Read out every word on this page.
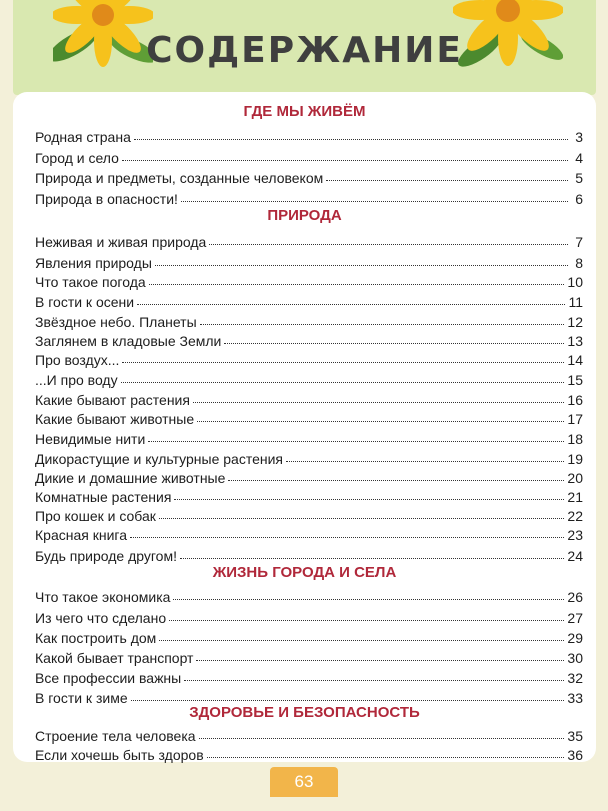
СОДЕРЖАНИЕ
ГДЕ МЫ ЖИВЁМ
Родная страна	3
Город и село	4
Природа и предметы, созданные человеком	5
Природа в опасности!	6
ПРИРОДА
Неживая и живая природа	7
Явления природы	8
Что такое погода	10
В гости к осени	11
Звёздное небо. Планеты	12
Заглянем в кладовые Земли	13
Про воздух...	14
...И про воду	15
Какие бывают растения	16
Какие бывают животные	17
Невидимые нити	18
Дикорастущие и культурные растения	19
Дикие и домашние животные	20
Комнатные растения	21
Про кошек и собак	22
Красная книга	23
Будь природе другом!	24
ЖИЗНЬ ГОРОДА И СЕЛА
Что такое экономика	26
Из чего что сделано	27
Как построить дом	29
Какой бывает транспорт	30
Все профессии важны	32
В гости к зиме	33
ЗДОРОВЬЕ И БЕЗОПАСНОСТЬ
Строение тела человека	35
Если хочешь быть здоров	36
63
